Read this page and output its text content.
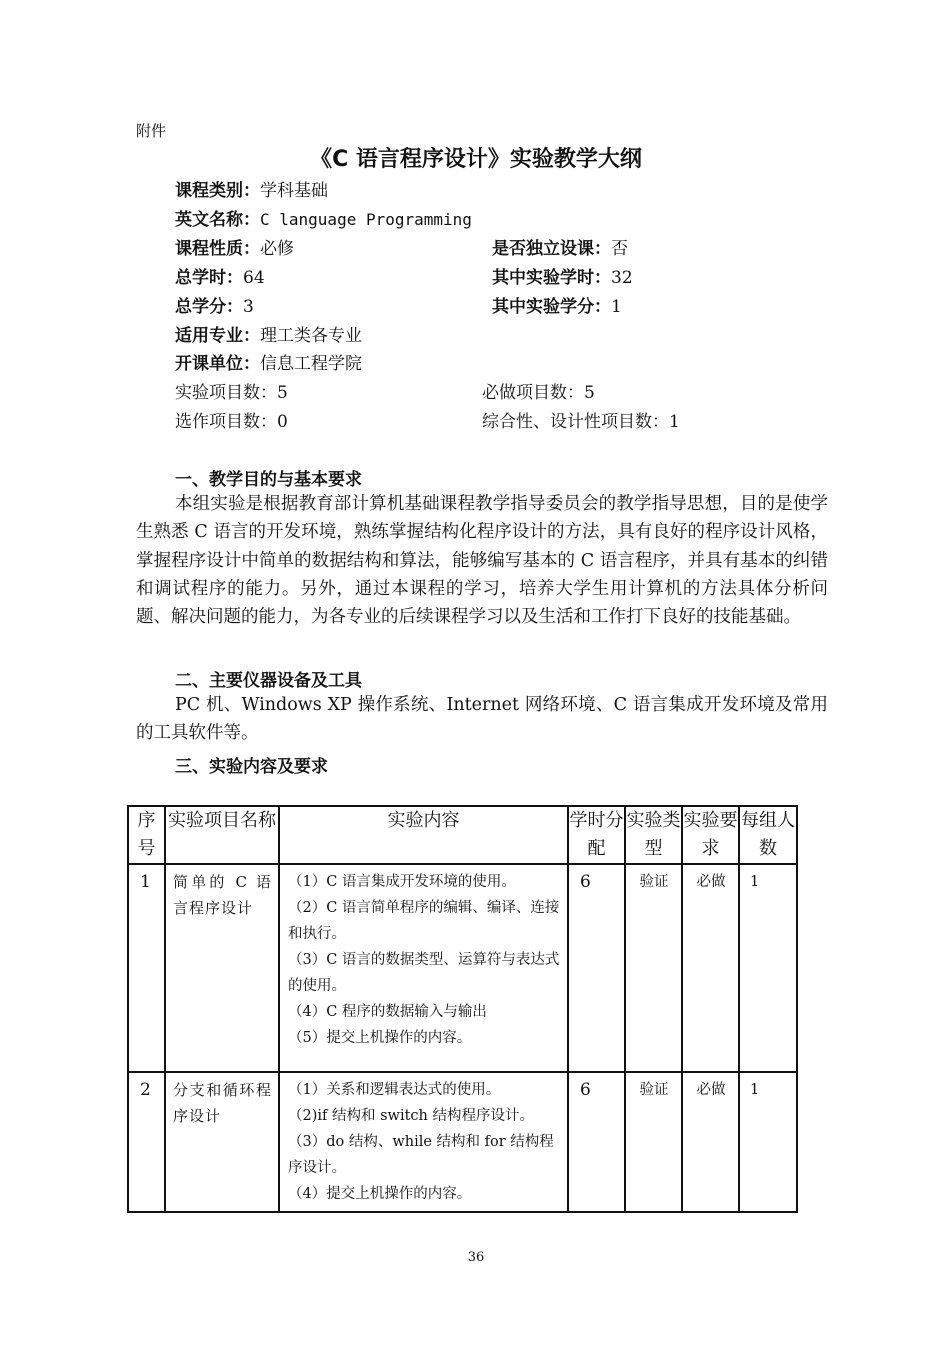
附件
《C 语言程序设计》实验教学大纲
课程类别：学科基础
英文名称：C language Programming
课程性质：必修	是否独立设课：否
总学时：64	其中实验学时：32
总学分：3	其中实验学分：1
适用专业：理工类各专业
开课单位：信息工程学院
实验项目数：5	必做项目数：5
选作项目数：0	综合性、设计性项目数：1
一、教学目的与基本要求

本组实验是根据教育部计算机基础课程教学指导委员会的教学指导思想，目的是使学生熟悉 C 语言的开发环境，熟练掌握结构化程序设计的方法，具有良好的程序设计风格，掌握程序设计中简单的数据结构和算法，能够编写基本的 C 语言程序，并具有基本的纠错和调试程序的能力。另外，通过本课程的学习，培养大学生用计算机的方法具体分析问题、解决问题的能力，为各专业的后续课程学习以及生活和工作打下良好的技能基础。

二、主要仪器设备及工具

PC 机、Windows XP 操作系统、Internet 网络环境、C 语言集成开发环境及常用的工具软件等。

三、实验内容及要求
序号	实验项目名称	实验内容	学时分配	实验类型	实验要求	每组人数
1	简单的 C 语言程序设计	（1）C 语言集成开发环境的使用。
（2）C 语言简单程序的编辑、编译、连接和执行。
（3）C 语言的数据类型、运算符与表达式的使用。
（4）C 程序的数据输入与输出
（5）提交上机操作的内容。	6	验证	必做	1
2	分支和循环程序设计	（1）关系和逻辑表达式的使用。
（2)if 结构和 switch 结构程序设计。
（3）do 结构、while 结构和 for 结构程序设计。
（4）提交上机操作的内容。	6	验证	必做	1
36
